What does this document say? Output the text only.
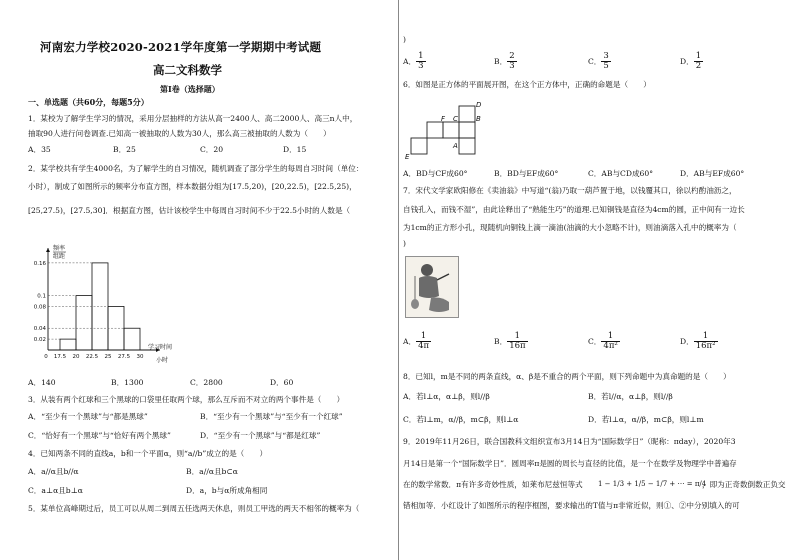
河南宏力学校2020-2021学年度第一学期期中考试题
高二文科数学
第Ⅰ卷（选择题）
一、单选题（共60分，每题5分）
1．某校为了解学生学习的情况，采用分层抽样的方法从高一2400人、高二2000人、高三n人中，
抽取90人进行问卷调查.已知高一被抽取的人数为30人，那么高三被抽取的人数为（　　）
A．35	B．25	C．20	D．15
2．某学校共有学生4000名，为了解学生的自习情况，随机调查了部分学生的每周自习时间（单位：
小时），制成了如图所示的频率分布直方图，样本数据分组为[17.5,20)，[20,22.5)，[22.5,25)，
[25,27.5)，[27.5,30]．根据直方图，估计该校学生中每周自习时间不少于22.5小时的人数是（
0.02
0.04
0.08
0.1
0.16
0 17.5 20 22.5 25 27.5 30
频率
组距
学习时间
小时
A．140	B．1300	C．2800	D．60
3．从装有两个红球和三个黑球的口袋里任取两个球，那么互斥而不对立的两个事件是（　　）
A．“至少有一个黑球”与“都是黑球”	B．“至少有一个黑球”与“至少有一个红球”
C．“恰好有一个黑球”与“恰好有两个黑球”	D．“至少有一个黑球”与“都是红球”
4．已知两条不同的直线a，b和一个平面α，则“a//b”成立的是（　　）
A．a//α且b//α	B．a//α且b⊂α
C．a⊥α且b⊥α	D．a，b与α所成角相同
5．某单位高峰期过后，员工可以从周二到周五任选两天休息，则员工甲选的两天不相邻的概率为（
)
A． $\frac{1}{3}$	B． $\frac{2}{3}$	C． $\frac{3}{5}$	D． $\frac{1}{2}$
6．如图是正方体的平面展开图，在这个正方体中，正确的命题是（　　）
D
F C	B
E
A
A．BD与CF成60°	B．BD与EF成60°	C．AB与CD成60°	D．AB与EF成60°
7．宋代文学家欧阳修在《卖油翁》中写道“(翁)乃取一葫芦置于地，以钱覆其口，徐以杓酌油沥之，
自钱孔入，而钱不湿”，由此诠释出了“熟能生巧”的道理.已知铜钱是直径为4cm的圆，正中间有一边长
为1cm的正方形小孔，现随机向铜钱上滴一滴油(油滴的大小忽略不计)，则油滴落入孔中的概率为（
)
A． $\frac{1}{4\pi}$	B． $\frac{1}{16\pi}$	C． $\frac{1}{\text{4π²}}$	D． $\frac{1}{\text{16π²}}$
8．已知l，m是不同的两条直线，α、β是不重合的两个平面，则下列命题中为真命题的是（　　）
A．若l⊥α，α⊥β，则l//β	B．若l//α，α⊥β，则l//β
C．若l⊥m，α//β，m⊂β，则l⊥α	D．若l⊥α，α//β，m⊂β，则l⊥m
9．2019年11月26日，联合国教科文组织宣布3月14日为“国际数学日”（昵称：πday），2020年3
月14日是第一个“国际数学日”．圆周率π是圆的周长与直径的比值，是一个在数学及物理学中普遍存
在的数学常数．π有许多奇妙性质，如莱布尼兹恒等式 1 − 1/3 + 1/5 − 1/7 + ⋯ = π/4
，即为正奇数倒数正负交
错相加等．小红设计了如图所示的程序框图，要求输出的T值与π非常近似，则①、②中分别填入的可
